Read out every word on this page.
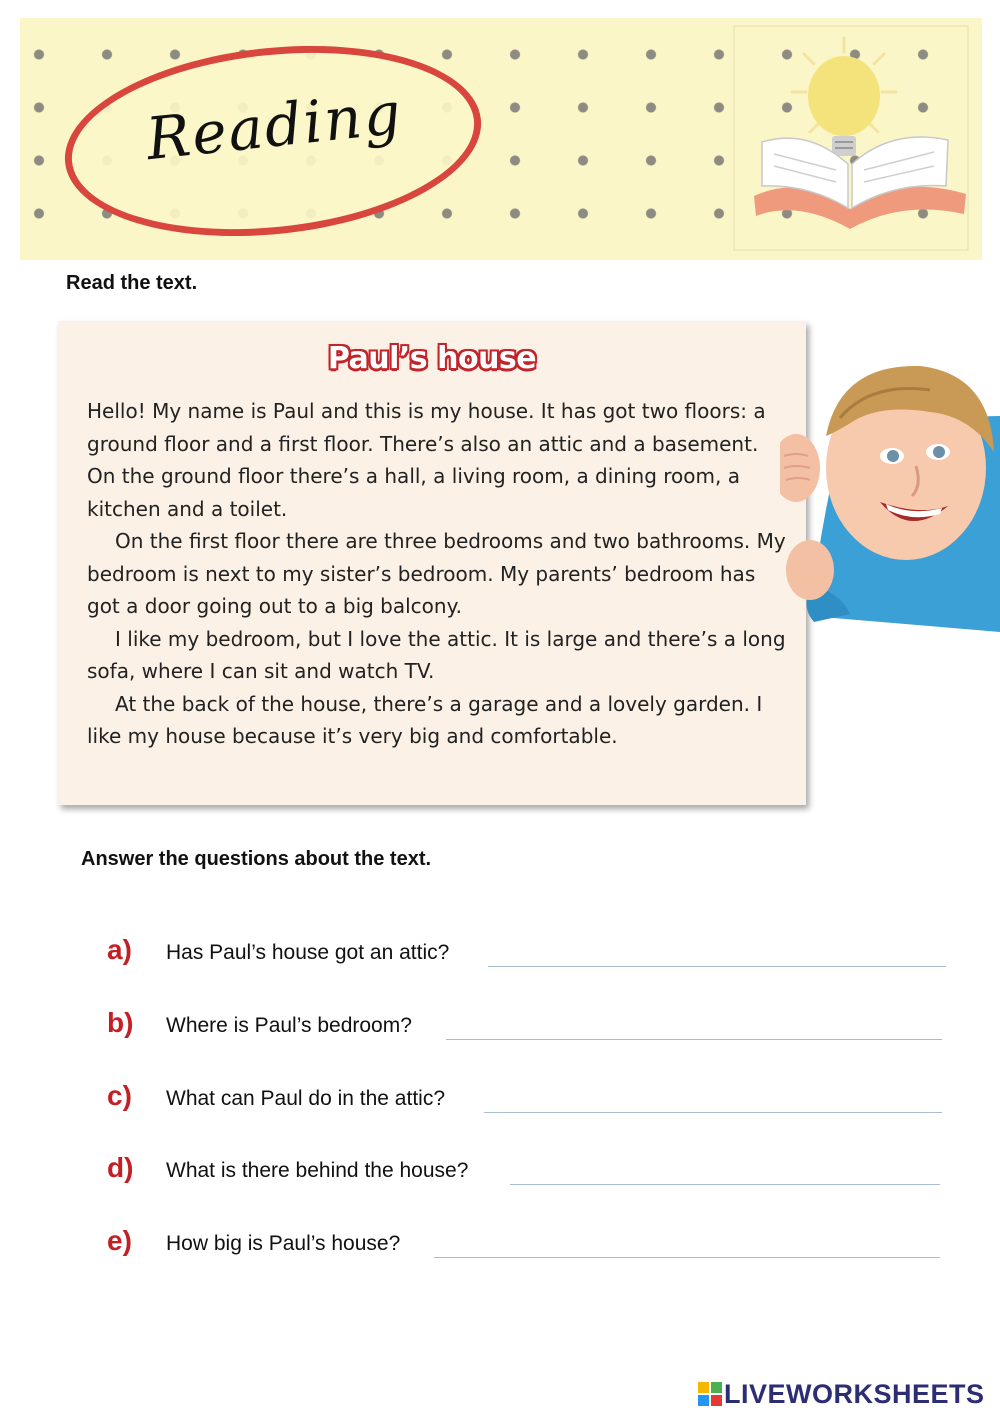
Reading
Read the text.
Paul’s house

Hello! My name is Paul and this is my house. It has got two floors: a ground floor and a first floor. There’s also an attic and a basement. On the ground floor there’s a hall, a living room, a dining room, a kitchen and a toilet.

On the first floor there are three bedrooms and two bathrooms. My bedroom is next to my sister’s bedroom. My parents’ bedroom has got a door going out to a big balcony.

I like my bedroom, but I love the attic. It is large and there’s a long sofa, where I can sit and watch TV.

At the back of the house, there’s a garage and a lovely garden. I like my house because it’s very big and comfortable.

Answer the questions about the text.
a) Has Paul’s house got an attic?
b) Where is Paul’s bedroom?
c) What can Paul do in the attic?
d) What is there behind the house?
e) How big is Paul’s house?
LIVEWORKSHEETS
